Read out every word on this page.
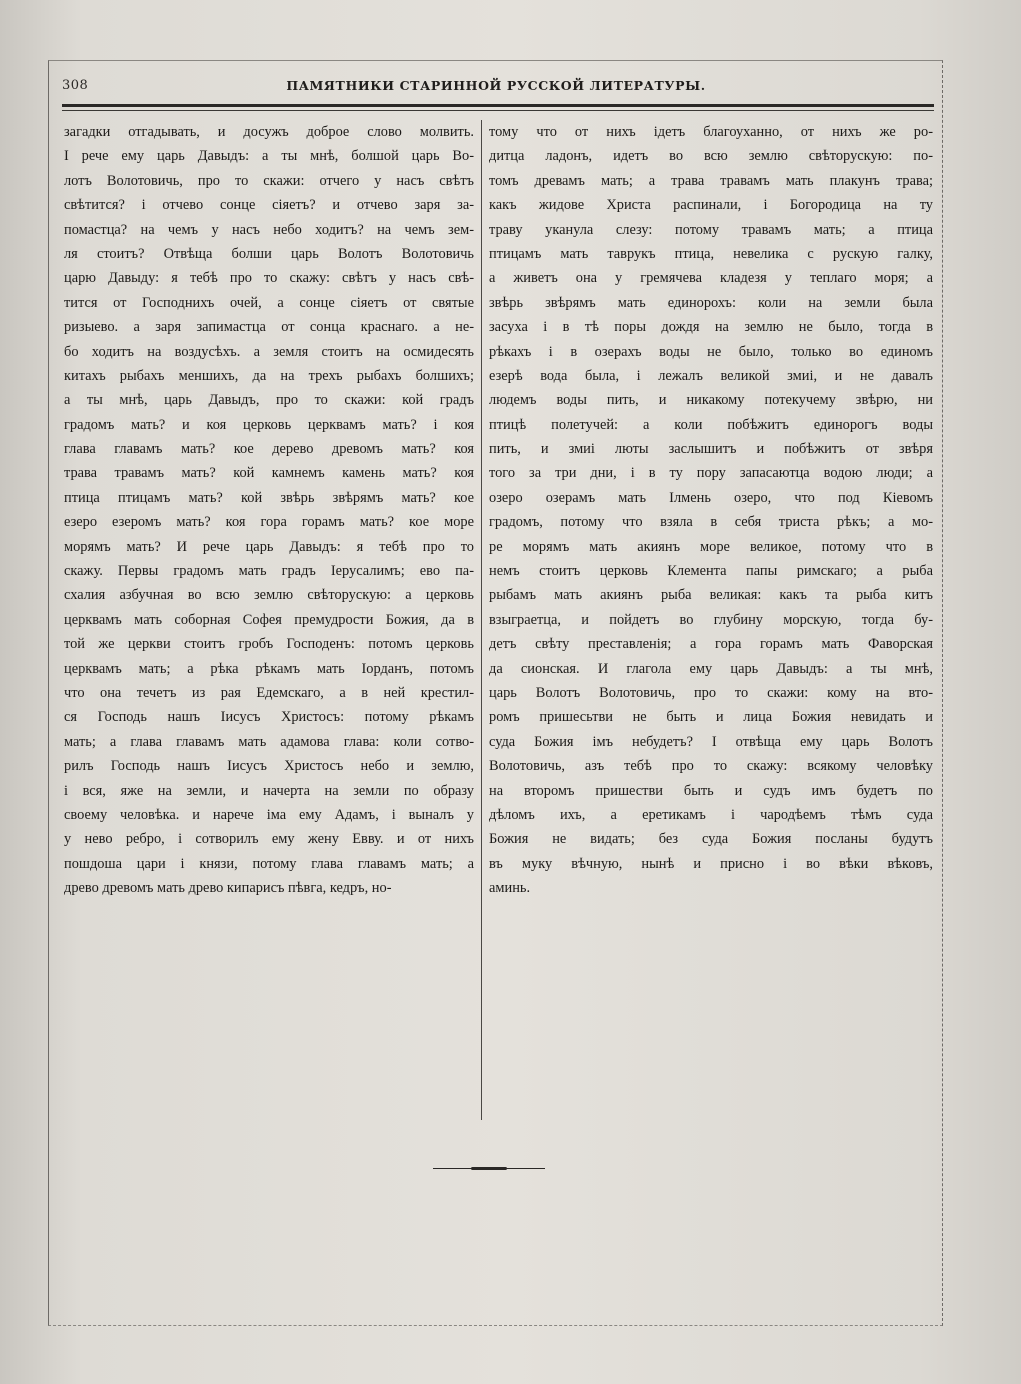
308	ПАМЯТНИКИ СТАРИННОЙ РУССКОЙ ЛИТЕРАТУРЫ.
загадки отгадывать, и досужъ доброе слово молвить.
I рече ему царь Давыдъ: а ты мнѣ, болшой царь Во-
лотъ Волотовичь, про то скажи: отчего у насъ свѣтъ
свѣтится? і отчево сонце сіяетъ? и отчево заря за-
помастца? на чемъ у насъ небо ходитъ? на чемъ зем-
ля стоитъ? Отвѣща болши царь Волотъ Волотовичь
царю Давыду: я тебѣ про то скажу: свѣтъ у насъ свѣ-
тится от Господнихъ очей, а сонце сіяетъ от святые
ризыево. а заря запимастца от сонца краснаго. а не-
бо ходитъ на воздусѣхъ. а земля стоитъ на осмидесять
китахъ рыбахъ меншихъ, да на трехъ рыбахъ болшихъ;
а ты мнѣ, царь Давыдъ, про то скажи: кой градъ
градомъ мать? и коя церковь церквамъ мать? і коя
глава главамъ мать? кое дерево древомъ мать? коя
трава травамъ мать? кой камнемъ камень мать? коя
птица птицамъ мать? кой звѣрь звѣрямъ мать? кое
езеро езеромъ мать? коя гора горамъ мать? кое море
морямъ мать? И рече царь Давыдъ: я тебѣ про то
скажу. Первы градомъ мать градъ Іерусалимъ; ево па-
схалия азбучная во всю землю свѣторускую: а церковь
церквамъ мать соборная Софея премудрости Божия, да в
той же церкви стоитъ гробъ Господенъ: потомъ церковь
церквамъ мать; а рѣка рѣкамъ мать Іорданъ, потомъ
что она течетъ из рая Едемскаго, а в ней крестил-
ся Господь нашъ Іисусъ Христосъ: потому рѣкамъ
мать; а глава главамъ мать адамова глава: коли сотво-
рилъ Господь нашъ Іисусъ Христосъ небо и землю,
і вся, яже на земли, и начерта на земли по образу
своему человѣка. и нарече іма ему Адамъ, і выналъ у
у нево ребро, і сотворилъ ему жену Евву. и от нихъ
пошдоша цари і князи, потому глава главамъ мать; а
древо древомъ мать древо кипарисъ пѣвга, кедръ, но-
тому что от нихъ ідетъ благоуханно, от нихъ же ро-
дитца ладонъ, идетъ во всю землю свѣторускую: по-
томъ древамъ мать; а трава травамъ мать плакунъ трава;
какъ жидове Христа распинали, і Богородица на ту
траву уканула слезу: потому травамъ мать; а птица
птицамъ мать таврукъ птица, невелика с рускую галку,
а живетъ она у гремячева кладезя у теплаго моря; а
звѣрь звѣрямъ мать единорохъ: коли на земли была
засуха і в тѣ поры дождя на землю не было, тогда в
рѣкахъ і в озерахъ воды не было, только во единомъ
езерѣ вода была, і лежалъ великой змиі, и не давалъ
людемъ воды пить, и никакому потекучему звѣрю, ни
птицѣ полетучей: а коли побѣжитъ единорогъ воды
пить, и змиі люты заслышитъ и побѣжитъ от звѣря
того за три дни, і в ту пору запасаютца водою люди; а
озеро озерамъ мать Ілмень озеро, что под Кіевомъ
градомъ, потому что взяла в себя триста рѣкъ; а мо-
ре морямъ мать акиянъ море великое, потому что в
немъ стоитъ церковь Клемента папы римскаго; а рыба
рыбамъ мать акиянъ рыба великая: какъ та рыба китъ
взыграетца, и пойдетъ во глубину морскую, тогда бу-
детъ свѣту преставленія; а гора горамъ мать Фаворская
да сионская. И глагола ему царь Давыдъ: а ты мнѣ,
царь Волотъ Волотовичь, про то скажи: кому на вто-
ромъ пришесьтви не быть и лица Божия невидать и
суда Божия імъ небудетъ? I отвѣща ему царь Волотъ
Волотовичь, азъ тебѣ про то скажу: всякому человѣку
на второмъ пришестви быть и судъ имъ будетъ по
дѣломъ ихъ, а еретикамъ і чародѣемъ тѣмъ суда
Божия не видать; без суда Божия посланы будутъ
въ муку вѣчную, нынѣ и присно і во вѣки вѣковъ,
аминь.
